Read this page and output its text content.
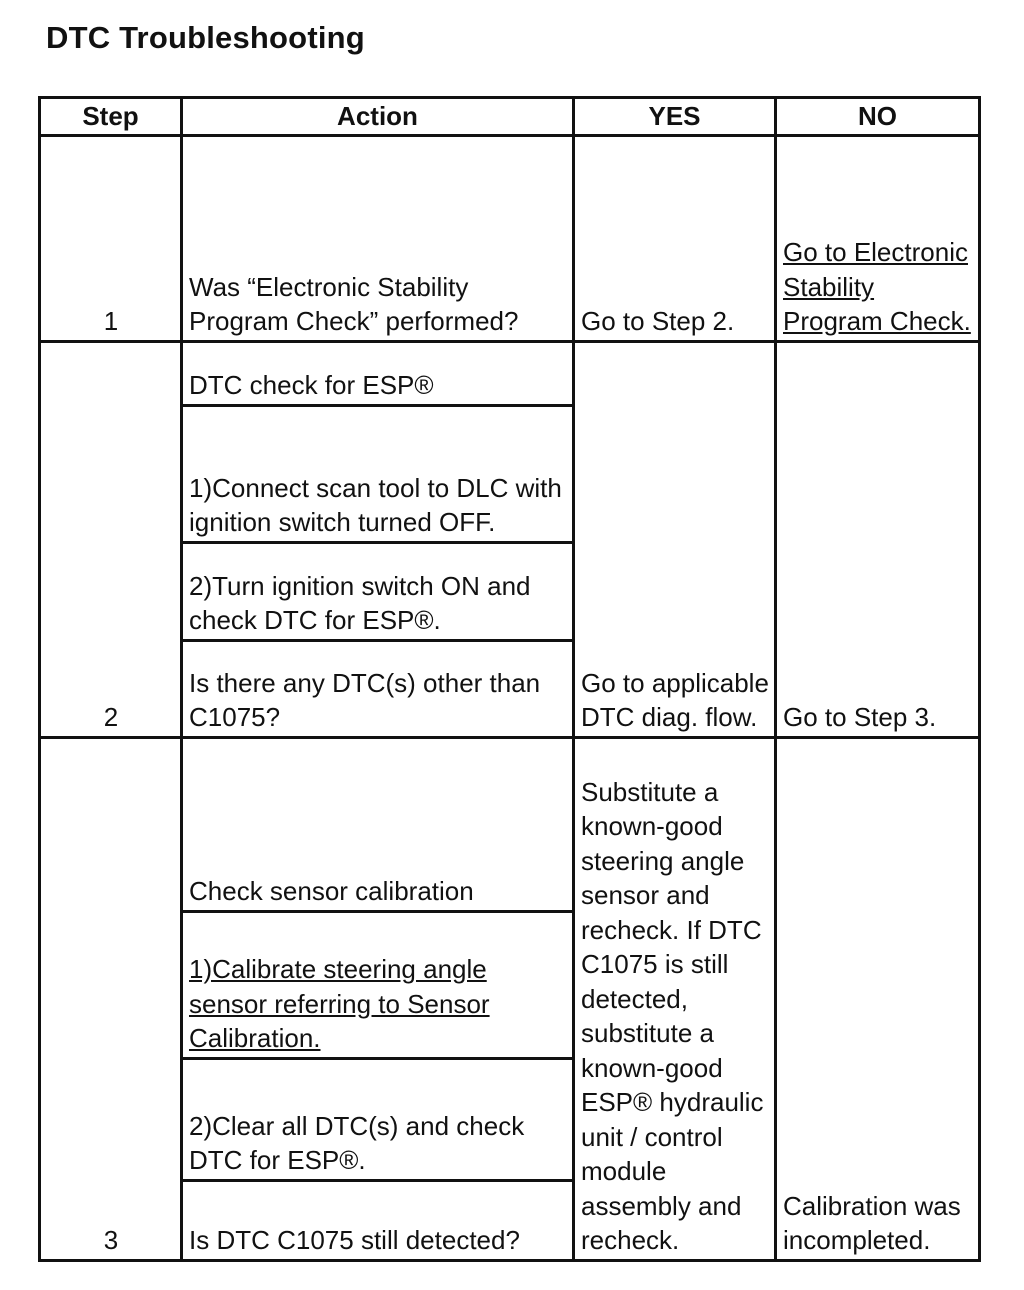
DTC Troubleshooting
Step	Action	YES	NO
1	Was “Electronic Stability Program Check” performed?	Go to Step 2.	Go to Electronic Stability Program Check.
2	DTC check for ESP®	Go to applicable DTC diag. flow.	Go to Step 3.
	1)Connect scan tool to DLC with ignition switch turned OFF.		
	2)Turn ignition switch ON and check DTC for ESP®.		
	Is there any DTC(s) other than C1075?		
3	Check sensor calibration	Substitute a known-good steering angle sensor and recheck. If DTC C1075 is still detected, substitute a known-good ESP® hydraulic unit / control module assembly and recheck.	Calibration was incompleted.
	1)Calibrate steering angle sensor referring to Sensor Calibration.		
	2)Clear all DTC(s) and check DTC for ESP®.		
	Is DTC C1075 still detected?		
